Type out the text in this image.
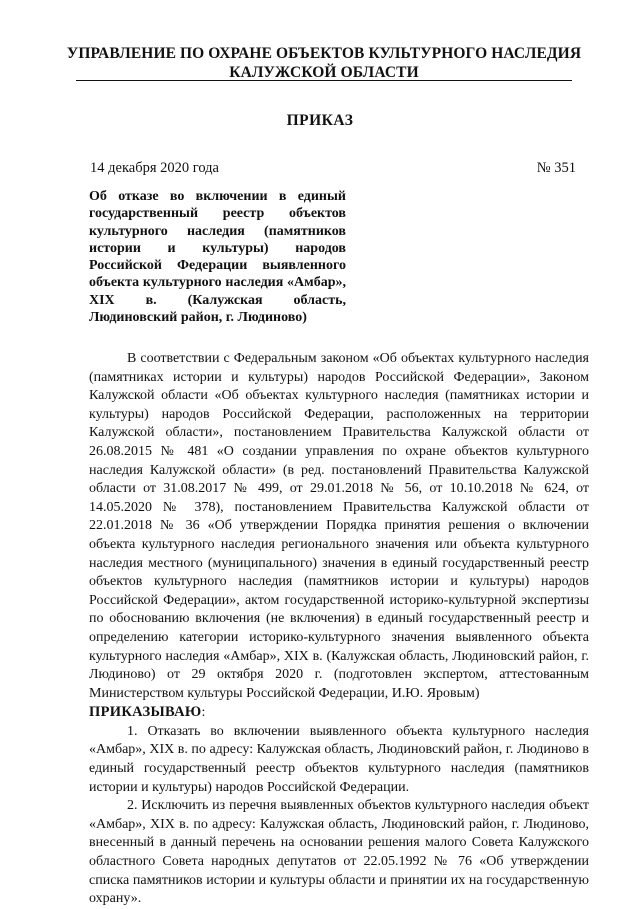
УПРАВЛЕНИЕ ПО ОХРАНЕ ОБЪЕКТОВ КУЛЬТУРНОГО НАСЛЕДИЯ
КАЛУЖСКОЙ ОБЛАСТИ
ПРИКАЗ
14 декабря 2020 года	№ 351
Об отказе во включении в единый государственный реестр объектов культурного наследия (памятников истории и культуры) народов Российской Федерации выявленного объекта культурного наследия «Амбар», XIX в. (Калужская область, Людиновский район, г. Людиново)

В соответствии с Федеральным законом «Об объектах культурного наследия (памятниках истории и культуры) народов Российской Федерации», Законом Калужской области «Об объектах культурного наследия (памятниках истории и культуры) народов Российской Федерации, расположенных на территории Калужской области», постановлением Правительства Калужской области от 26.08.2015 № 481 «О создании управления по охране объектов культурного наследия Калужской области» (в ред. постановлений Правительства Калужской области от 31.08.2017 № 499, от 29.01.2018 № 56, от 10.10.2018 № 624, от 14.05.2020 № 378), постановлением Правительства Калужской области от 22.01.2018 № 36 «Об утверждении Порядка принятия решения о включении объекта культурного наследия регионального значения или объекта культурного наследия местного (муниципального) значения в единый государственный реестр объектов культурного наследия (памятников истории и культуры) народов Российской Федерации», актом государственной историко-культурной экспертизы по обоснованию включения (не включения) в единый государственный реестр и определению категории историко-культурного значения выявленного объекта культурного наследия «Амбар», XIX в. (Калужская область, Людиновский район, г. Людиново) от 29 октября 2020 г. (подготовлен экспертом, аттестованным Министерством культуры Российской Федерации, И.Ю. Яровым)

ПРИКАЗЫВАЮ:

1. Отказать во включении выявленного объекта культурного наследия «Амбар», XIX в. по адресу: Калужская область, Людиновский район, г. Людиново в единый государственный реестр объектов культурного наследия (памятников истории и культуры) народов Российской Федерации.

2. Исключить из перечня выявленных объектов культурного наследия объект «Амбар», XIX в. по адресу: Калужская область, Людиновский район, г. Людиново, внесенный в данный перечень на основании решения малого Совета Калужского областного Совета народных депутатов от 22.05.1992 № 76 «Об утверждении списка памятников истории и культуры области и принятии их на государственную охрану».
